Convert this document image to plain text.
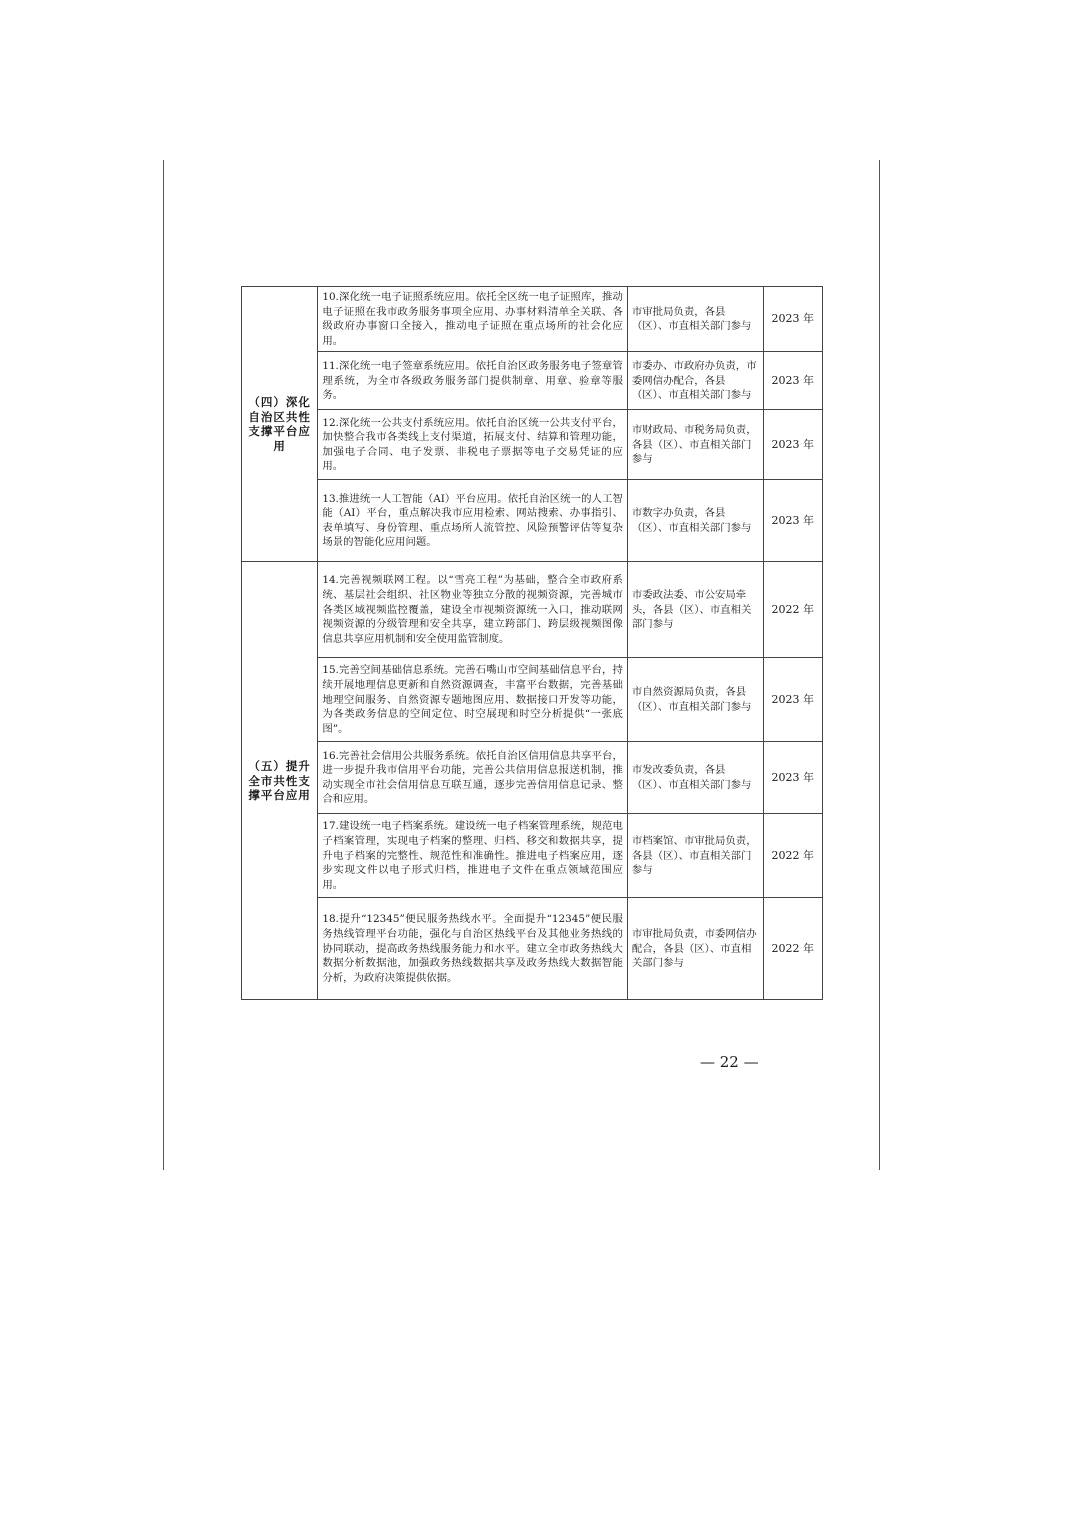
（四）深化自治区共性支撑平台应用	10.深化统一电子证照系统应用。依托全区统一电子证照库，推动电子证照在我市政务服务事项全应用、办事材料清单全关联、各级政府办事窗口全接入，推动电子证照在重点场所的社会化应用。	市审批局负责，各县（区）、市直相关部门参与	2023 年
	11.深化统一电子签章系统应用。依托自治区政务服务电子签章管理系统，为全市各级政务服务部门提供制章、用章、验章等服务。	市委办、市政府办负责，市委网信办配合，各县（区）、市直相关部门参与	2023 年
	12.深化统一公共支付系统应用。依托自治区统一公共支付平台，加快整合我市各类线上支付渠道，拓展支付、结算和管理功能，加强电子合同、电子发票、非税电子票据等电子交易凭证的应用。	市财政局、市税务局负责，各县（区）、市直相关部门参与	2023 年
	13.推进统一人工智能（AI）平台应用。依托自治区统一的人工智能（AI）平台，重点解决我市应用检索、网站搜索、办事指引、表单填写、身份管理、重点场所人流管控、风险预警评估等复杂场景的智能化应用问题。	市数字办负责，各县（区）、市直相关部门参与	2023 年
（五）提升全市共性支撑平台应用	14.完善视频联网工程。以“雪亮工程”为基础，整合全市政府系统、基层社会组织、社区物业等独立分散的视频资源，完善城市各类区域视频监控覆盖，建设全市视频资源统一入口，推动联网视频资源的分级管理和安全共享，建立跨部门、跨层级视频图像信息共享应用机制和安全使用监管制度。	市委政法委、市公安局牵头，各县（区）、市直相关部门参与	2022 年
	15.完善空间基础信息系统。完善石嘴山市空间基础信息平台，持续开展地理信息更新和自然资源调查，丰富平台数据，完善基础地理空间服务、自然资源专题地图应用、数据接口开发等功能，为各类政务信息的空间定位、时空展现和时空分析提供“一张底图”。	市自然资源局负责，各县（区）、市直相关部门参与	2023 年
	16.完善社会信用公共服务系统。依托自治区信用信息共享平台，进一步提升我市信用平台功能，完善公共信用信息报送机制，推动实现全市社会信用信息互联互通，逐步完善信用信息记录、整合和应用。	市发改委负责，各县（区）、市直相关部门参与	2023 年
	17.建设统一电子档案系统。建设统一电子档案管理系统，规范电子档案管理，实现电子档案的整理、归档、移交和数据共享，提升电子档案的完整性、规范性和准确性。推进电子档案应用，逐步实现文件以电子形式归档，推进电子文件在重点领域范围应用。	市档案馆、市审批局负责，各县（区）、市直相关部门参与	2022 年
	18.提升“12345”便民服务热线水平。全面提升“12345”便民服务热线管理平台功能，强化与自治区热线平台及其他业务热线的协同联动，提高政务热线服务能力和水平。建立全市政务热线大数据分析数据池，加强政务热线数据共享及政务热线大数据智能分析，为政府决策提供依据。	市审批局负责，市委网信办配合，各县（区）、市直相关部门参与	2022 年
— 22 —
